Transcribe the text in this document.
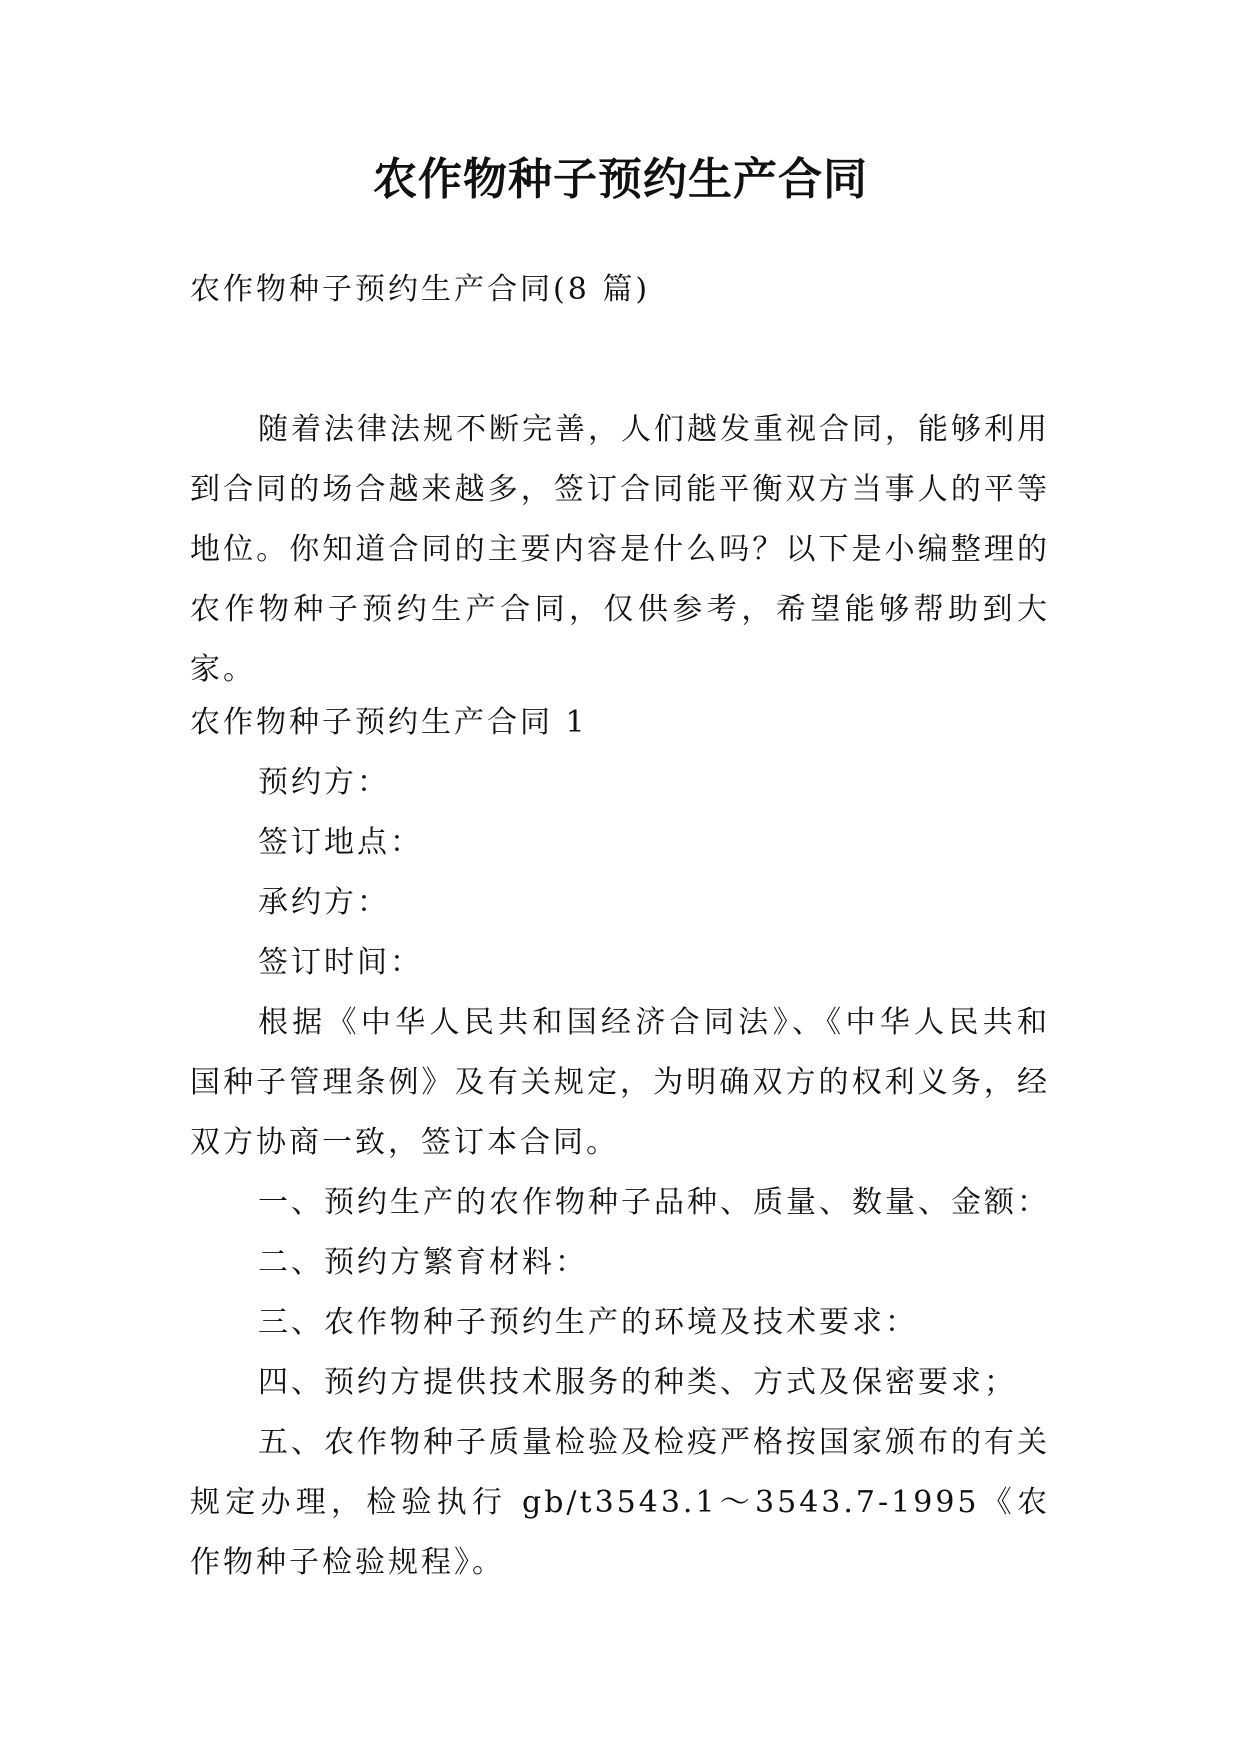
农作物种子预约生产合同

农作物种子预约生产合同(8 篇)

随着法律法规不断完善，人们越发重视合同，能够利用到合同的场合越来越多，签订合同能平衡双方当事人的平等地位。你知道合同的主要内容是什么吗？以下是小编整理的农作物种子预约生产合同，仅供参考，希望能够帮助到大家。

农作物种子预约生产合同 1

预约方：

签订地点：

承约方：

签订时间：

根据《中华人民共和国经济合同法》、《中华人民共和国种子管理条例》及有关规定，为明确双方的权利义务，经双方协商一致，签订本合同。

一、预约生产的农作物种子品种、质量、数量、金额：

二、预约方繁育材料：

三、农作物种子预约生产的环境及技术要求：

四、预约方提供技术服务的种类、方式及保密要求；

五、农作物种子质量检验及检疫严格按国家颁布的有关规定办理，检验执行 gb/t3543.1～3543.7-1995《农作物种子检验规程》。
